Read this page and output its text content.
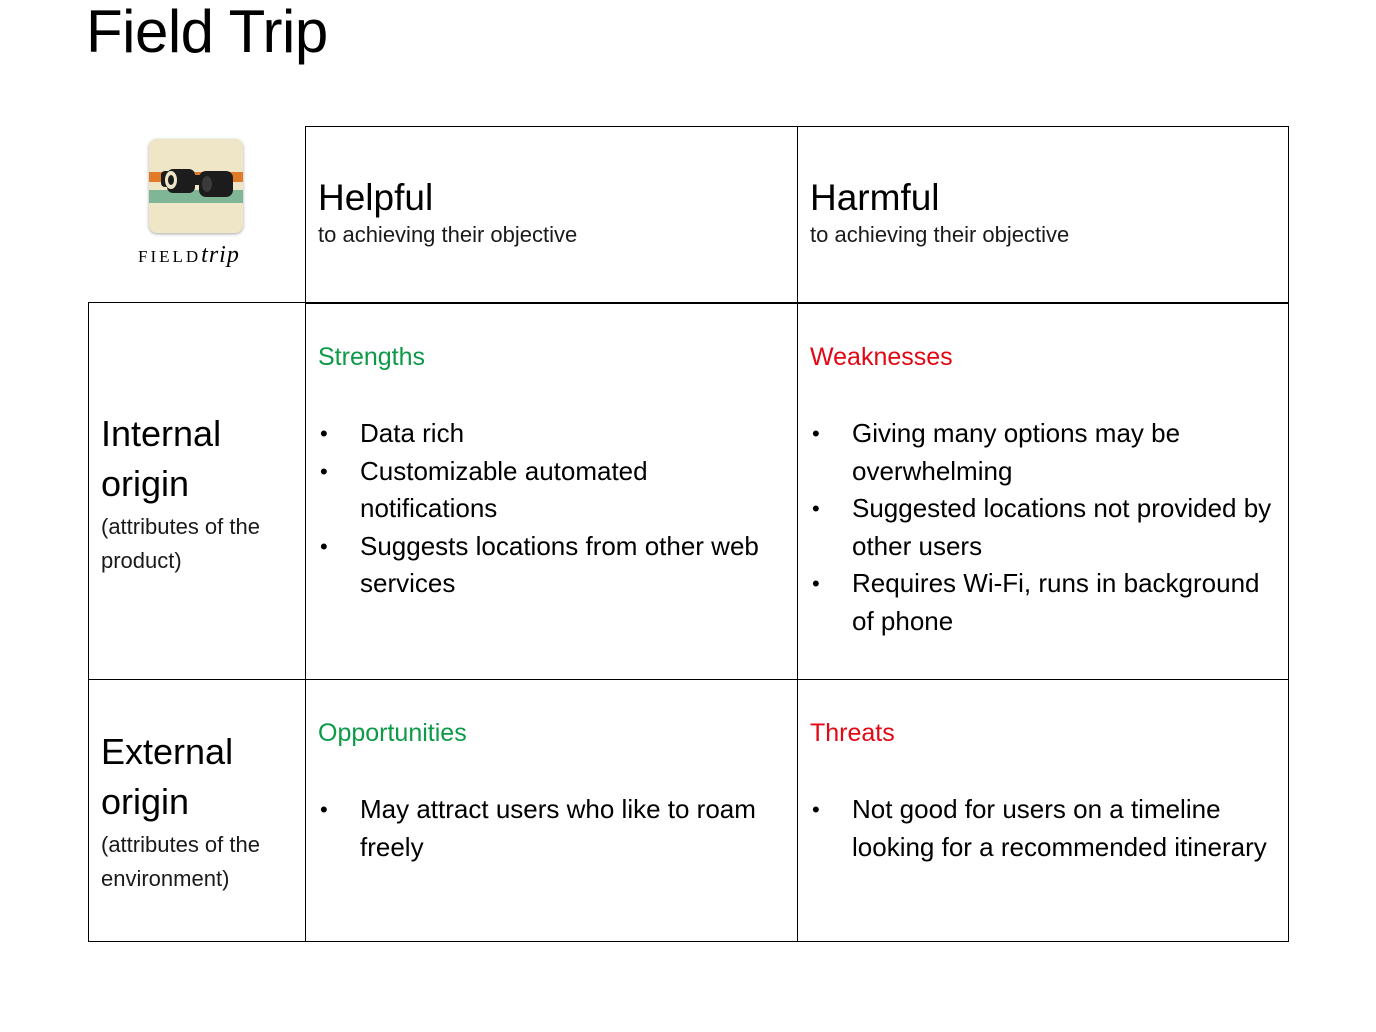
Field Trip
FIELDtrip
Helpful
to achieving their objective
Harmful
to achieving their objective
Internal
origin
(attributes of the
product)
Strengths
• Data rich
• Customizable automated notifications
• Suggests locations from other web services
Weaknesses
• Giving many options may be overwhelming
• Suggested locations not provided by other users
• Requires Wi-Fi, runs in background of phone
External
origin
(attributes of the
environment)
Opportunities
• May attract users who like to roam freely
Threats
• Not good for users on a timeline looking for a recommended itinerary
